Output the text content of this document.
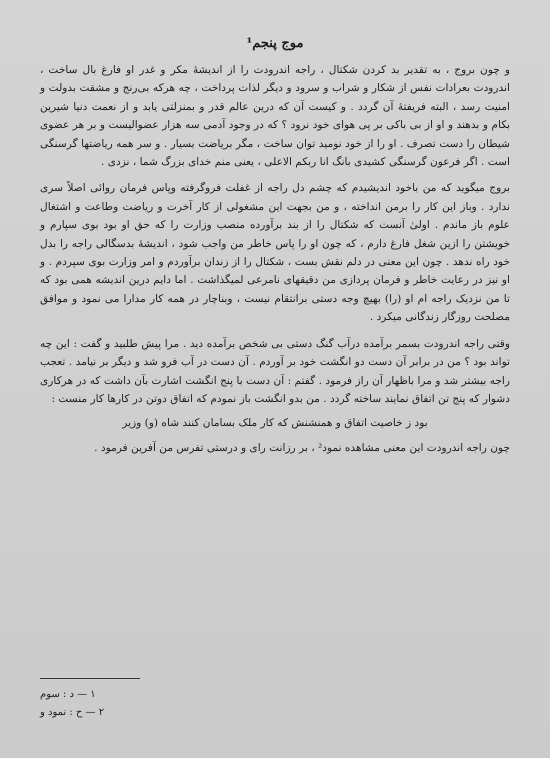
موج پنجم¹

و چون بروج ، به تقدیر بد کردن شکتال ، راجه اندرودت را از اندیشهٔ مکر و غدر او فارغ بال ساخت ، اندرودت بعرادات نفس از شکار و شراب و سرود و دیگر لذات پرداخت ، چه هرکه بی‌رنج و مشقت بدولت و امنیت رسد ، البته فریفتهٔ آن گردد . و کیست آن که درین عالم قدر و بمنزلتی یابد و از نعمت دنیا شیرین بکام و بدهند و او از بی باکی بر پی هوای خود نرود ؟ که در وجود آدمی سه هزار عضوالیست و بر هر عضوی شیطان را دست تصرف . او را از خود نومید توان ساخت ، مگر بریاضت بسیار . و سر همه ریاضتها گرسنگی است . اگر فرعون گرسنگی کشیدی بانگ انا ربکم الاعلی ، یعنی منم خدای بزرگ شما ، نزدی .

بروج میگوید که من باخود اندیشیدم که چشم دل راجه از غفلت فروگرفته وپاس فرمان روائی اصلاً سری ندارد . وباز این کار را برمن انداخته ، و من بجهت این مشغولی از کار آخرت و ریاضت وطاعت و اشتغال علوم باز ماندم . اولیٰ آنست که شکتال را از بند برآورده منصب وزارت را که حق او بود بوی سپارم و خویشتن را ازین شغل فارغ دارم ، که چون او را پاس خاطر من واجب شود ، اندیشهٔ بدسگالی راجه را بدل خود راه ندهد . چون این معنی در دلم نقش بست ، شکتال را از زندان برآوردم و امر وزارت بوی سپردم . و او نیز در رعایت خاطر و فرمان پردازی من دقیقهای نامرعی لمیگذاشت . اما دایم درین اندیشه همی بود که تا من نزدیک راجه ام او (را) بهیچ وجه دستی برانتقام نیست ، وبناچار در همه کار مدارا می نمود و موافق مصلحت روزگار زندگانی میکرد .

وقتی راجه اندرودت بسمر برآمده درآب گنگ دستی بی شخص برآمده دید . مرا پیش طلبید و گفت : این چه تواند بود ؟ من در برابر آن دست دو انگشت خود بر آوردم . آن دست در آب فرو شد و دیگر بر نیامد . تعجب راجه بیشتر شد و مرا باظهار آن راز فرمود . گفتم : آن دست با پنج انگشت اشارت بآن داشت که در هرکاری دشوار که پنج تن اتفاق نمایند ساخته گردد . من بدو انگشت باز نمودم که اتفاق دوتن در کارها کار منست :

بود ز خاصیت اتفاق و همنشنش که کار ملک بسامان کنند شاه (و) وزیر

چون راجه اندرودت این معنی مشاهده نمود² ، بر رزانت رای و درستی تفرس من آفرین فرمود .

۱ — د : سوم
۲ — ح : نمود و
